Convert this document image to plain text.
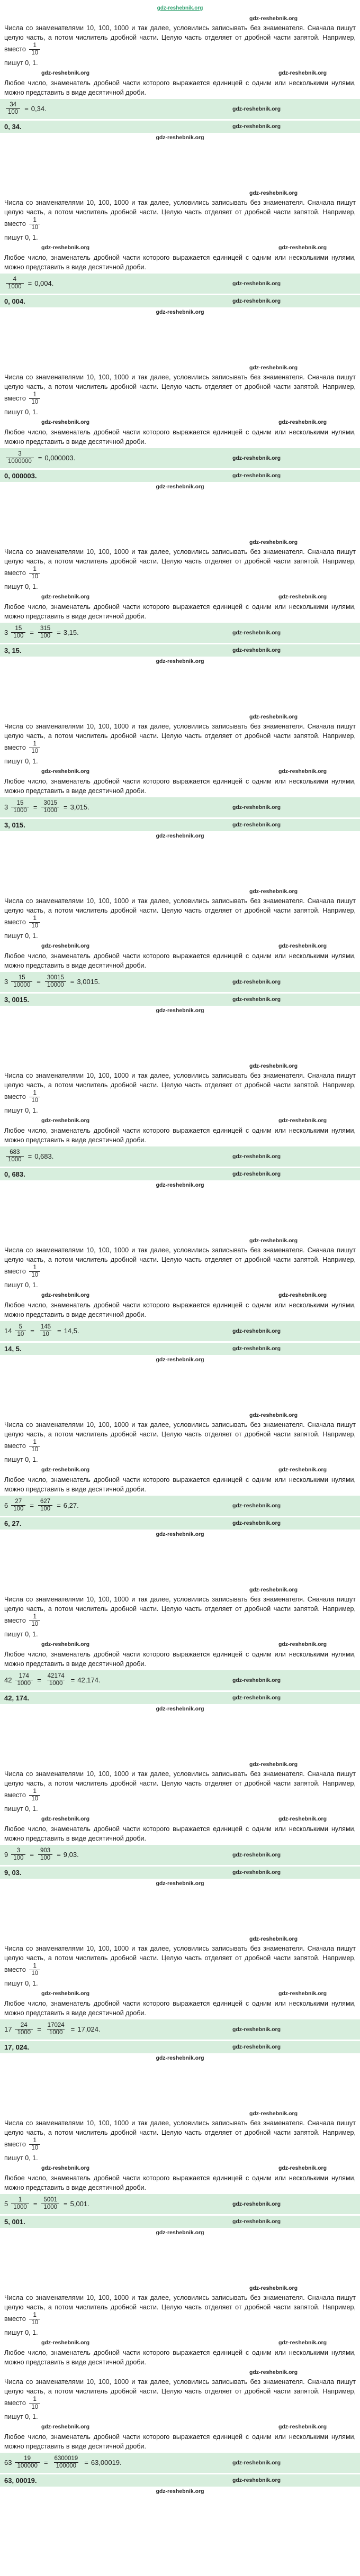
gdz-reshebnik.org
gdz-reshebnik.org

Числа со знаменателями 10, 100, 1000 и так далее, условились записывать без знаменателя. Сначала пишут целую часть, а потом числитель дробной части. Целую часть отделяет от дробной части запятой. Например, вместо $\frac{1}{10}$

пишут 0, 1.
gdz-reshebnik.org	gdz-reshebnik.org

Любое число, знаменатель дробной части которого выражается единицей с одним или несколькими нулями, можно представить в виде десятичной дроби.

$\frac{34}{100} = 0,34$.	gdz-reshebnik.org
0, 34.	gdz-reshebnik.org
gdz-reshebnik.org
gdz-reshebnik.org

Числа со знаменателями 10, 100, 1000 и так далее, условились записывать без знаменателя. Сначала пишут целую часть, а потом числитель дробной части. Целую часть отделяет от дробной части запятой. Например, вместо $\frac{1}{10}$

пишут 0, 1.
gdz-reshebnik.org	gdz-reshebnik.org

Любое число, знаменатель дробной части которого выражается единицей с одним или несколькими нулями, можно представить в виде десятичной дроби.

$\frac{4}{1000} = 0,004$.	gdz-reshebnik.org
0, 004.	gdz-reshebnik.org
gdz-reshebnik.org
gdz-reshebnik.org

Числа со знаменателями 10, 100, 1000 и так далее, условились записывать без знаменателя. Сначала пишут целую часть, а потом числитель дробной части. Целую часть отделяет от дробной части запятой. Например, вместо $\frac{1}{10}$

пишут 0, 1.
gdz-reshebnik.org	gdz-reshebnik.org

Любое число, знаменатель дробной части которого выражается единицей с одним или несколькими нулями, можно представить в виде десятичной дроби.

$\frac{3}{1000000} = 0,000003$.	gdz-reshebnik.org
0, 000003.	gdz-reshebnik.org
gdz-reshebnik.org
gdz-reshebnik.org

Числа со знаменателями 10, 100, 1000 и так далее, условились записывать без знаменателя. Сначала пишут целую часть, а потом числитель дробной части. Целую часть отделяет от дробной части запятой. Например, вместо $\frac{1}{10}$

пишут 0, 1.
gdz-reshebnik.org	gdz-reshebnik.org

Любое число, знаменатель дробной части которого выражается единицей с одним или несколькими нулями, можно представить в виде десятичной дроби.

$3 \frac{15}{100} = \frac{315}{100} = 3,15$.	gdz-reshebnik.org
3, 15.	gdz-reshebnik.org
gdz-reshebnik.org
gdz-reshebnik.org

Числа со знаменателями 10, 100, 1000 и так далее, условились записывать без знаменателя. Сначала пишут целую часть, а потом числитель дробной части. Целую часть отделяет от дробной части запятой. Например, вместо $\frac{1}{10}$

пишут 0, 1.
gdz-reshebnik.org	gdz-reshebnik.org

Любое число, знаменатель дробной части которого выражается единицей с одним или несколькими нулями, можно представить в виде десятичной дроби.

$3 \frac{15}{1000} = \frac{3015}{1000} = 3,015$.	gdz-reshebnik.org
3, 015.	gdz-reshebnik.org
gdz-reshebnik.org
gdz-reshebnik.org

Числа со знаменателями 10, 100, 1000 и так далее, условились записывать без знаменателя. Сначала пишут целую часть, а потом числитель дробной части. Целую часть отделяет от дробной части запятой. Например, вместо $\frac{1}{10}$

пишут 0, 1.
gdz-reshebnik.org	gdz-reshebnik.org

Любое число, знаменатель дробной части которого выражается единицей с одним или несколькими нулями, можно представить в виде десятичной дроби.

$3 \frac{15}{10000} = \frac{30015}{10000} = 3,0015$.	gdz-reshebnik.org
3, 0015.	gdz-reshebnik.org
gdz-reshebnik.org
gdz-reshebnik.org

Числа со знаменателями 10, 100, 1000 и так далее, условились записывать без знаменателя. Сначала пишут целую часть, а потом числитель дробной части. Целую часть отделяет от дробной части запятой. Например, вместо $\frac{1}{10}$

пишут 0, 1.
gdz-reshebnik.org	gdz-reshebnik.org

Любое число, знаменатель дробной части которого выражается единицей с одним или несколькими нулями, можно представить в виде десятичной дроби.

$\frac{683}{1000} = 0,683$.	gdz-reshebnik.org
0, 683.	gdz-reshebnik.org
gdz-reshebnik.org
gdz-reshebnik.org

Числа со знаменателями 10, 100, 1000 и так далее, условились записывать без знаменателя. Сначала пишут целую часть, а потом числитель дробной части. Целую часть отделяет от дробной части запятой. Например, вместо $\frac{1}{10}$

пишут 0, 1.
gdz-reshebnik.org	gdz-reshebnik.org

Любое число, знаменатель дробной части которого выражается единицей с одним или несколькими нулями, можно представить в виде десятичной дроби.

$14 \frac{5}{10} = \frac{145}{10} = 14,5$.	gdz-reshebnik.org
14, 5.	gdz-reshebnik.org
gdz-reshebnik.org
gdz-reshebnik.org

Числа со знаменателями 10, 100, 1000 и так далее, условились записывать без знаменателя. Сначала пишут целую часть, а потом числитель дробной части. Целую часть отделяет от дробной части запятой. Например, вместо $\frac{1}{10}$

пишут 0, 1.
gdz-reshebnik.org	gdz-reshebnik.org

Любое число, знаменатель дробной части которого выражается единицей с одним или несколькими нулями, можно представить в виде десятичной дроби.

$6 \frac{27}{100} = \frac{627}{100} = 6,27$.	gdz-reshebnik.org
6, 27.	gdz-reshebnik.org
gdz-reshebnik.org
gdz-reshebnik.org

Числа со знаменателями 10, 100, 1000 и так далее, условились записывать без знаменателя. Сначала пишут целую часть, а потом числитель дробной части. Целую часть отделяет от дробной части запятой. Например, вместо $\frac{1}{10}$

пишут 0, 1.
gdz-reshebnik.org	gdz-reshebnik.org

Любое число, знаменатель дробной части которого выражается единицей с одним или несколькими нулями, можно представить в виде десятичной дроби.

$42 \frac{174}{1000} = \frac{42174}{1000} = 42,174$.	gdz-reshebnik.org
42, 174.	gdz-reshebnik.org
gdz-reshebnik.org
gdz-reshebnik.org

Числа со знаменателями 10, 100, 1000 и так далее, условились записывать без знаменателя. Сначала пишут целую часть, а потом числитель дробной части. Целую часть отделяет от дробной части запятой. Например, вместо $\frac{1}{10}$

пишут 0, 1.
gdz-reshebnik.org	gdz-reshebnik.org

Любое число, знаменатель дробной части которого выражается единицей с одним или несколькими нулями, можно представить в виде десятичной дроби.

$9 \frac{3}{100} = \frac{903}{100} = 9,03$.	gdz-reshebnik.org
9, 03.	gdz-reshebnik.org
gdz-reshebnik.org
gdz-reshebnik.org

Числа со знаменателями 10, 100, 1000 и так далее, условились записывать без знаменателя. Сначала пишут целую часть, а потом числитель дробной части. Целую часть отделяет от дробной части запятой. Например, вместо $\frac{1}{10}$

пишут 0, 1.
gdz-reshebnik.org	gdz-reshebnik.org

Любое число, знаменатель дробной части которого выражается единицей с одним или несколькими нулями, можно представить в виде десятичной дроби.

$17 \frac{24}{1000} = \frac{17024}{1000} = 17,024$.	gdz-reshebnik.org
17, 024.	gdz-reshebnik.org
gdz-reshebnik.org
gdz-reshebnik.org

Числа со знаменателями 10, 100, 1000 и так далее, условились записывать без знаменателя. Сначала пишут целую часть, а потом числитель дробной части. Целую часть отделяет от дробной части запятой. Например, вместо $\frac{1}{10}$

пишут 0, 1.
gdz-reshebnik.org	gdz-reshebnik.org

Любое число, знаменатель дробной части которого выражается единицей с одним или несколькими нулями, можно представить в виде десятичной дроби.

$5 \frac{1}{1000} = \frac{5001}{1000} = 5,001$.	gdz-reshebnik.org
5, 001.	gdz-reshebnik.org
gdz-reshebnik.org
gdz-reshebnik.org

Числа со знаменателями 10, 100, 1000 и так далее, условились записывать без знаменателя. Сначала пишут целую часть, а потом числитель дробной части. Целую часть отделяет от дробной части запятой. Например, вместо $\frac{1}{10}$

пишут 0, 1.
gdz-reshebnik.org	gdz-reshebnik.org

Любое число, знаменатель дробной части которого выражается единицей с одним или несколькими нулями, можно представить в виде десятичной дроби.

gdz-reshebnik.org

Числа со знаменателями 10, 100, 1000 и так далее, условились записывать без знаменателя. Сначала пишут целую часть, а потом числитель дробной части. Целую часть отделяет от дробной части запятой. Например, вместо $\frac{1}{10}$

пишут 0, 1.
gdz-reshebnik.org	gdz-reshebnik.org

Любое число, знаменатель дробной части которого выражается единицей с одним или несколькими нулями, можно представить в виде десятичной дроби.

$63 \frac{19}{100000} = \frac{6300019}{100000} = 63,00019$.	gdz-reshebnik.org
63, 00019.	gdz-reshebnik.org
gdz-reshebnik.org
